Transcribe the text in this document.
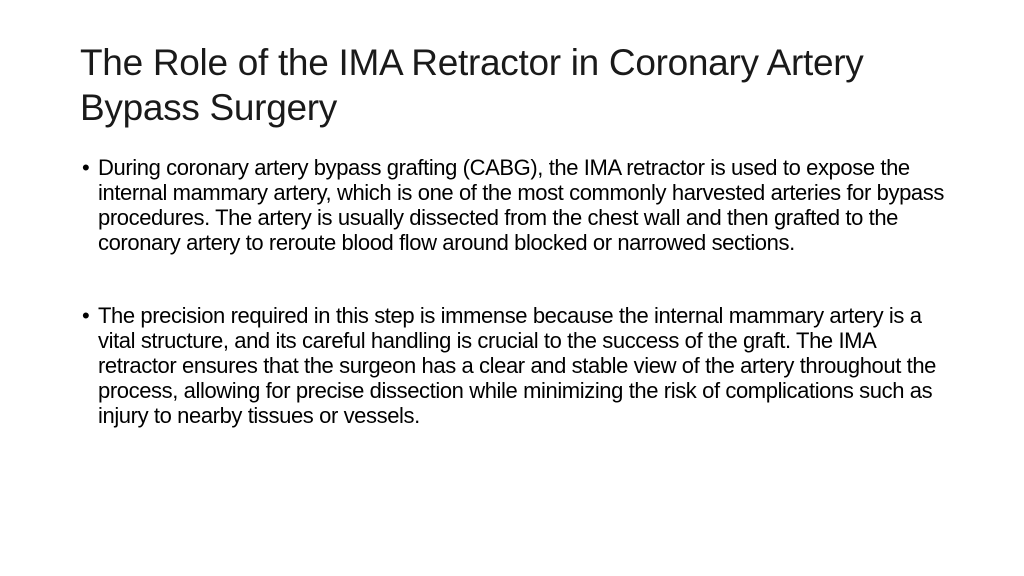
The Role of the IMA Retractor in Coronary Artery Bypass Surgery
• During coronary artery bypass grafting (CABG), the IMA retractor is used to expose the internal mammary artery, which is one of the most commonly harvested arteries for bypass procedures. The artery is usually dissected from the chest wall and then grafted to the coronary artery to reroute blood flow around blocked or narrowed sections.
• The precision required in this step is immense because the internal mammary artery is a vital structure, and its careful handling is crucial to the success of the graft. The IMA retractor ensures that the surgeon has a clear and stable view of the artery throughout the process, allowing for precise dissection while minimizing the risk of complications such as injury to nearby tissues or vessels.
